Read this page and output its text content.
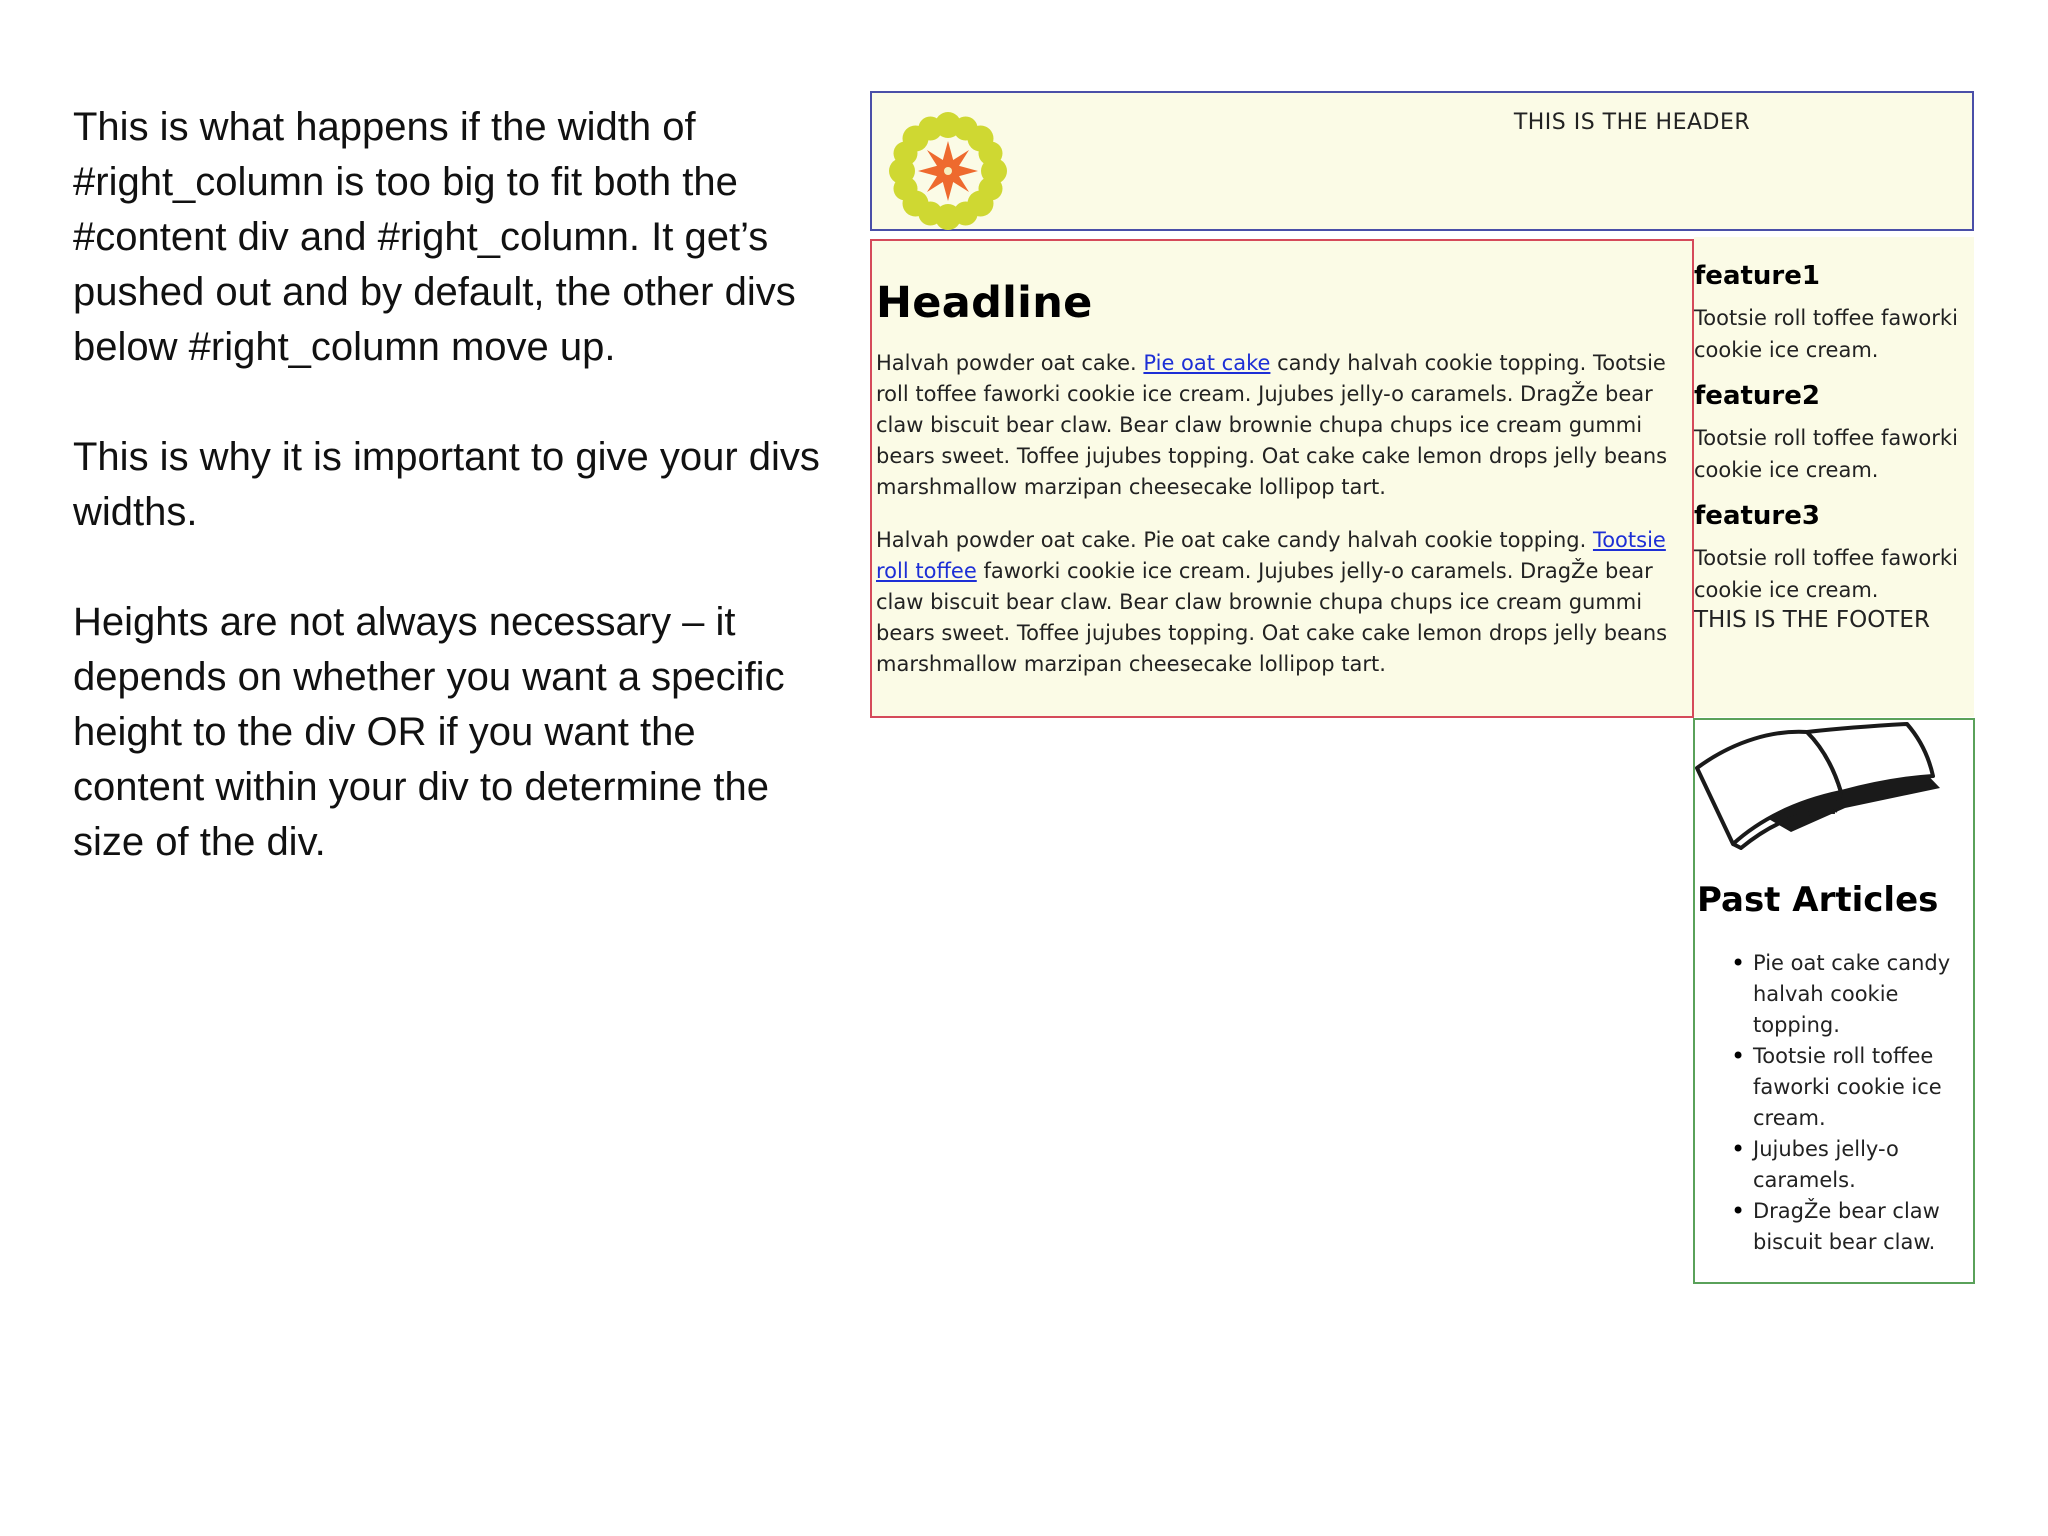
This is what happens if the width of #right_column is too big to fit both the #content div and #right_column. It get’s pushed out and by default, the other divs below #right_column move up.

This is why it is important to give your divs widths.

Heights are not always necessary – it depends on whether you want a specific height to the div OR if you want the content within your div to determine the size of the div.

THIS IS THE HEADER
Headline

Halvah powder oat cake. Pie oat cake candy halvah cookie topping. Tootsie roll toffee faworki cookie ice cream. Jujubes jelly-o caramels. DragŽe bear claw biscuit bear claw. Bear claw brownie chupa chups ice cream gummi bears sweet. Toffee jujubes topping. Oat cake cake lemon drops jelly beans marshmallow marzipan cheesecake lollipop tart.

Halvah powder oat cake. Pie oat cake candy halvah cookie topping. Tootsie roll toffee faworki cookie ice cream. Jujubes jelly-o caramels. DragŽe bear claw biscuit bear claw. Bear claw brownie chupa chups ice cream gummi bears sweet. Toffee jujubes topping. Oat cake cake lemon drops jelly beans marshmallow marzipan cheesecake lollipop tart.

feature1

Tootsie roll toffee faworki cookie ice cream.

feature2

Tootsie roll toffee faworki cookie ice cream.

feature3

Tootsie roll toffee faworki cookie ice cream.

THIS IS THE FOOTER
Past Articles
• Pie oat cake candy halvah cookie topping.
• Tootsie roll toffee faworki cookie ice cream.
• Jujubes jelly-o caramels.
• DragŽe bear claw biscuit bear claw.
